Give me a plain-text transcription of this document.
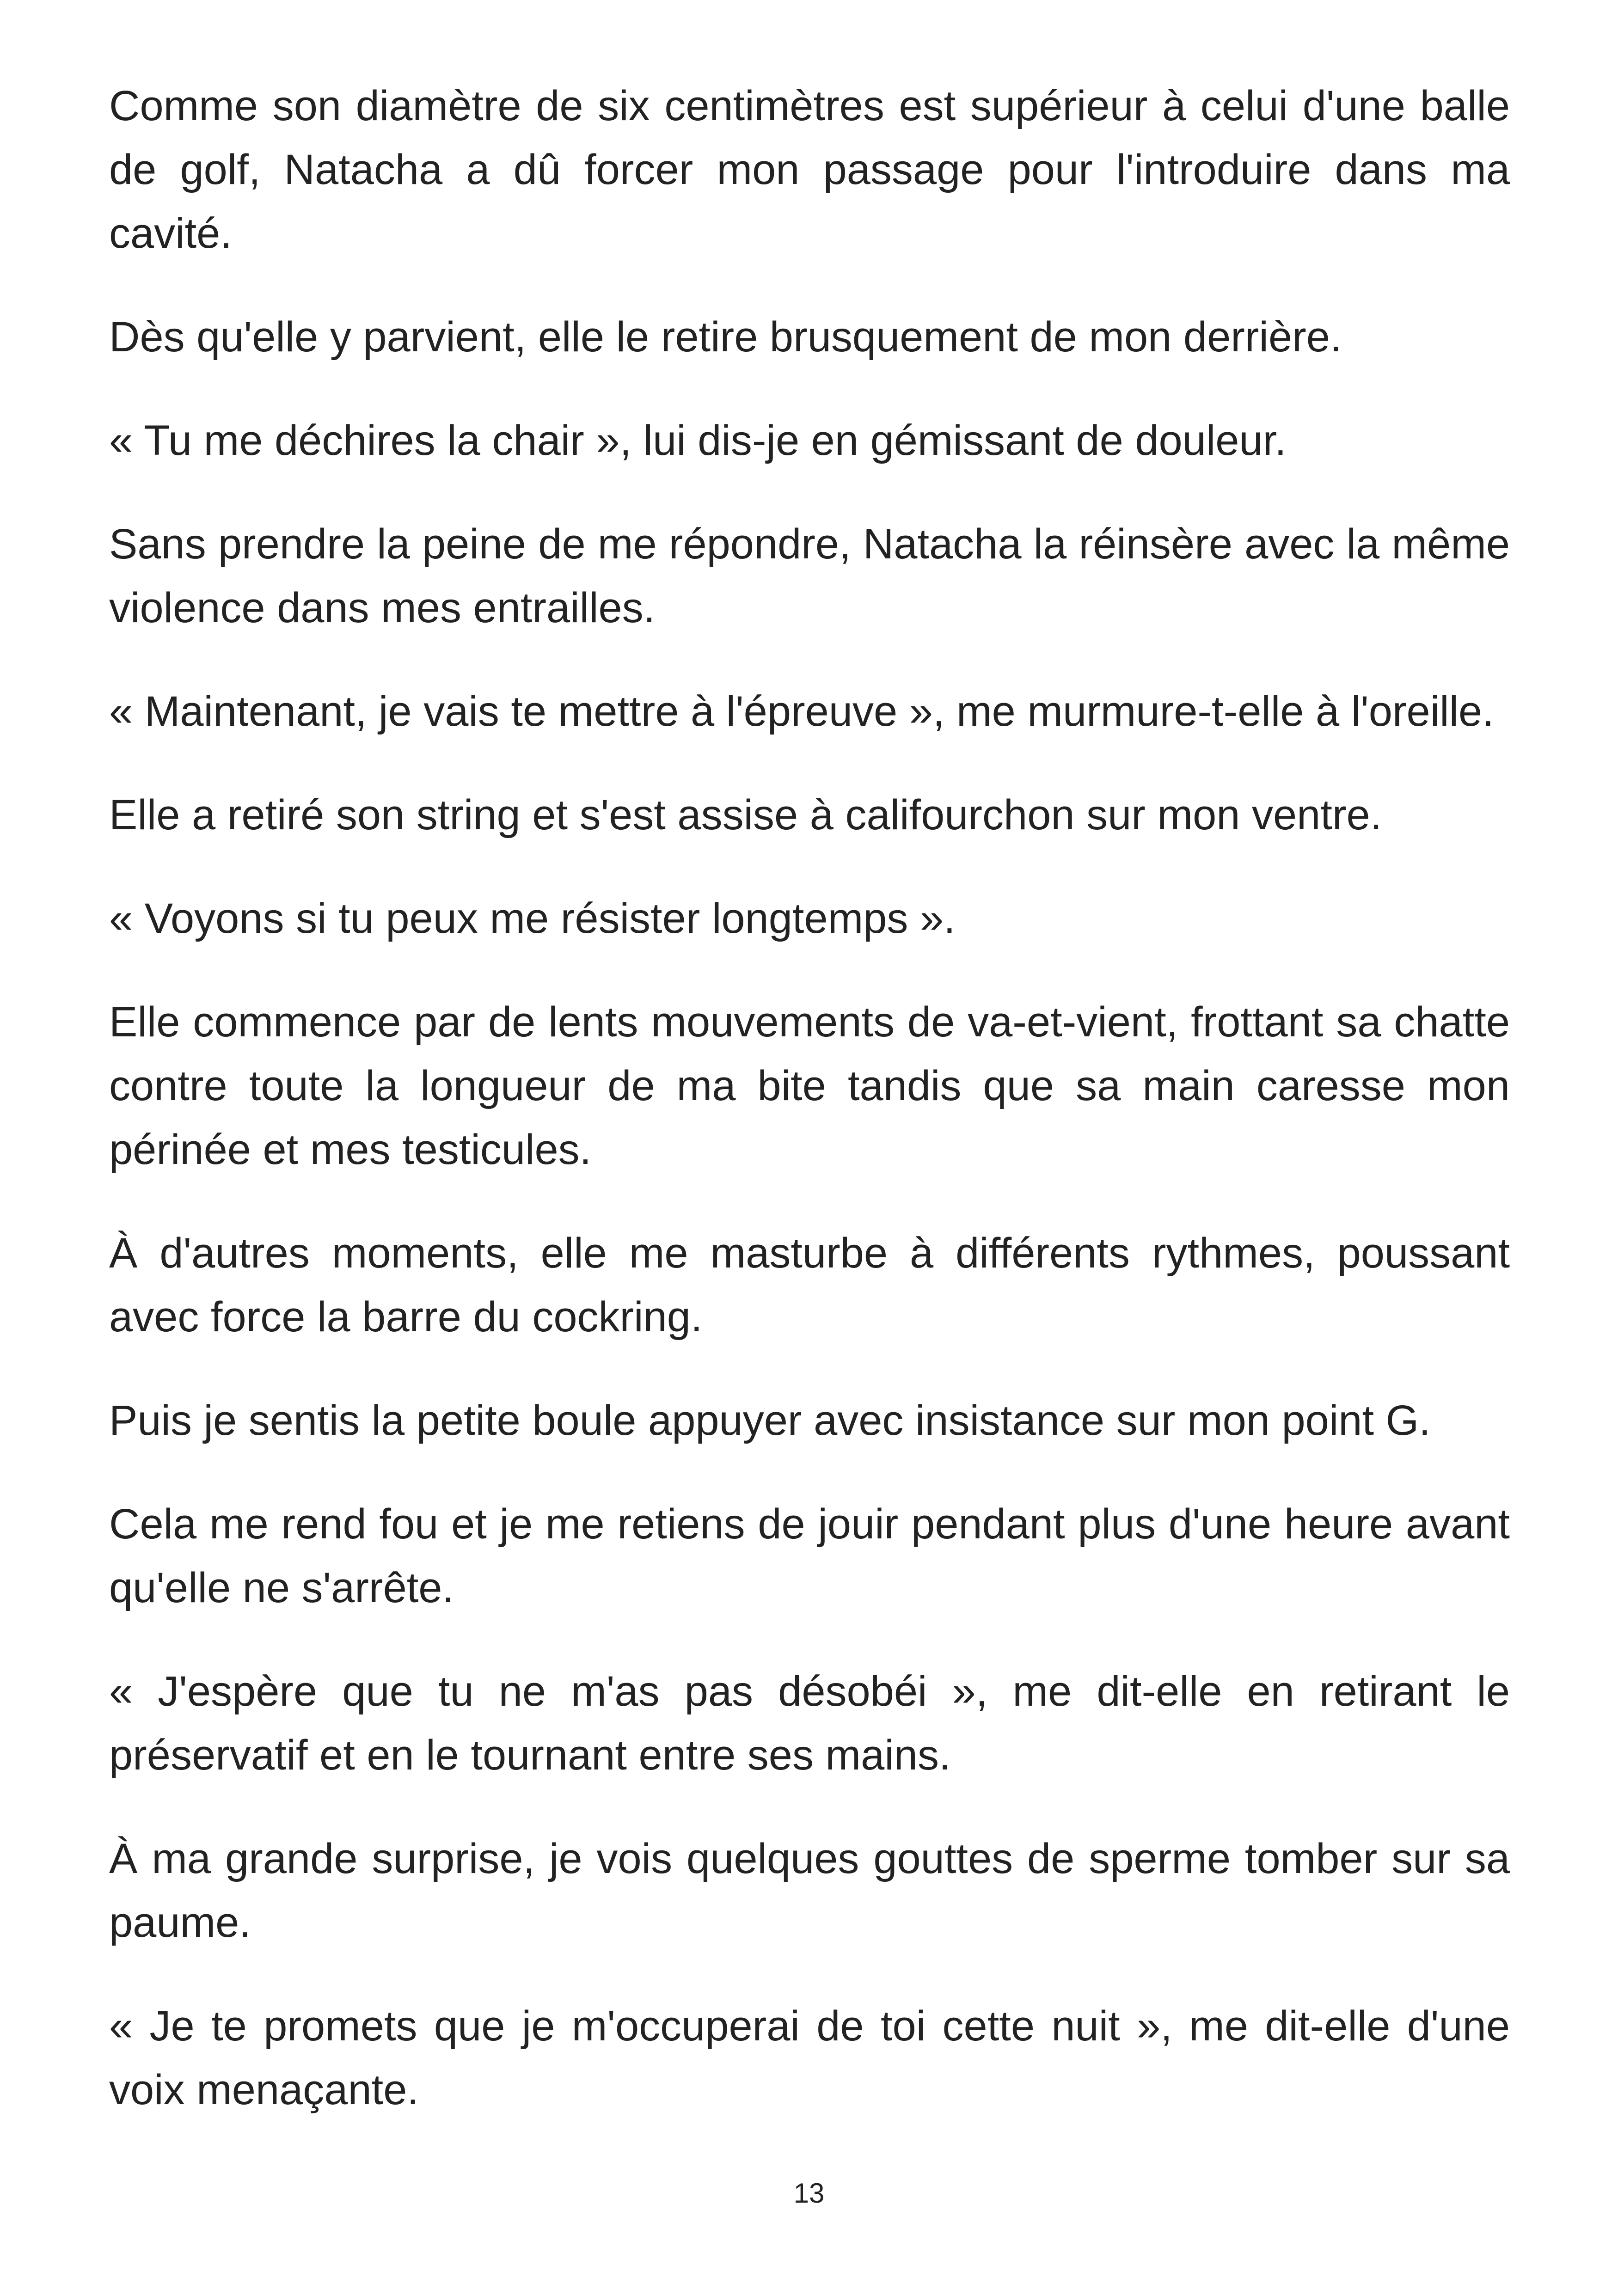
Comme son diamètre de six centimètres est supérieur à celui d'une balle de golf, Natacha a dû forcer mon passage pour l'introduire dans ma cavité.

Dès qu'elle y parvient, elle le retire brusquement de mon derrière.

« Tu me déchires la chair », lui dis-je en gémissant de douleur.

Sans prendre la peine de me répondre, Natacha la réinsère avec la même violence dans mes entrailles.

« Maintenant, je vais te mettre à l'épreuve », me murmure-t-elle à l'oreille.

Elle a retiré son string et s'est assise à califourchon sur mon ventre.

« Voyons si tu peux me résister longtemps ».

Elle commence par de lents mouvements de va-et-vient, frottant sa chatte contre toute la longueur de ma bite tandis que sa main caresse mon périnée et mes testicules.

À d'autres moments, elle me masturbe à différents rythmes, poussant avec force la barre du cockring.

Puis je sentis la petite boule appuyer avec insistance sur mon point G.

Cela me rend fou et je me retiens de jouir pendant plus d'une heure avant qu'elle ne s'arrête.

« J'espère que tu ne m'as pas désobéi », me dit-elle en retirant le préservatif et en le tournant entre ses mains.

À ma grande surprise, je vois quelques gouttes de sperme tomber sur sa paume.

« Je te promets que je m'occuperai de toi cette nuit », me dit-elle d'une voix menaçante.

13
